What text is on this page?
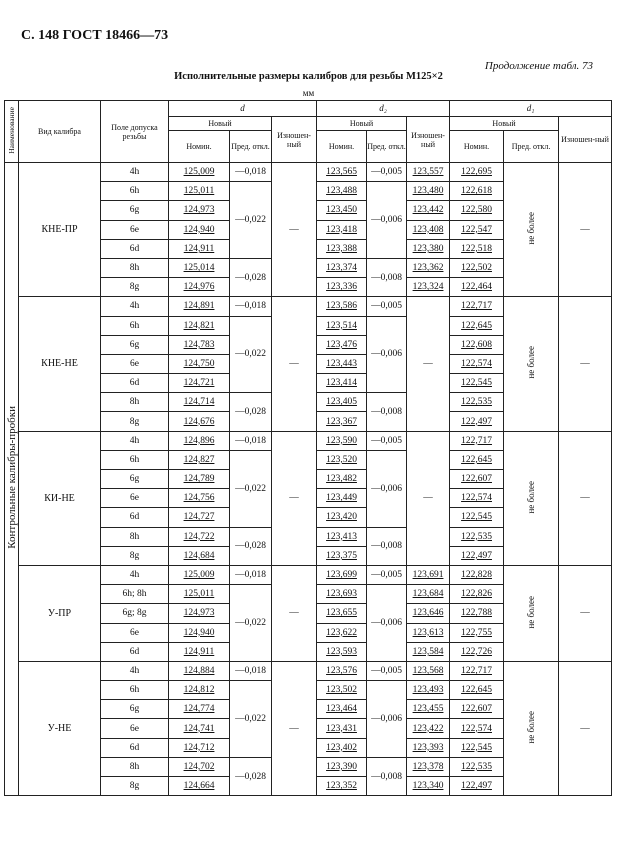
С. 148 ГОСТ 18466—73
Продолжение табл. 73
Исполнительные размеры калибров для резьбы М125×2
мм
Наименование	Вид калибра	Поле допуска резьбы	d			d₂			d₁		
			Новый		Изношен-ный	Новый		Изношен-ный	Новый		Изношен-ный
			Номин.	Пред. откл.		Номин.	Пред. откл.		Номин.	Пред. откл.	
Контрольные калибры-пробки	КНЕ-ПР	4h	125,009	—0,018	—	123,565	—0,005	123,557	122,695	не более	—
		6h	125,011	—0,022		123,488	—0,006	123,480	122,618		
		6g	124,973			123,450		123,442	122,580		
		6e	124,940			123,418		123,408	122,547		
		6d	124,911			123,388		123,380	122,518		
		8h	125,014	—0,028		123,374	—0,008	123,362	122,502		
		8g	124,976			123,336		123,324	122,464		
	КНЕ-НЕ	4h	124,891	—0,018	—	123,586	—0,005	—	122,717	не более	—
		6h	124,821	—0,022		123,514	—0,006		122,645		
		6g	124,783			123,476			122,608		
		6e	124,750			123,443			122,574		
		6d	124,721			123,414			122,545		
		8h	124,714	—0,028		123,405	—0,008		122,535		
		8g	124,676			123,367			122,497		
	КИ-НЕ	4h	124,896	—0,018	—	123,590	—0,005	—	122,717	не более	—
		6h	124,827	—0,022		123,520	—0,006		122,645		
		6g	124,789			123,482			122,607		
		6e	124,756			123,449			122,574		
		6d	124,727			123,420			122,545		
		8h	124,722	—0,028		123,413	—0,008		122,535		
		8g	124,684			123,375			122,497		
	У-ПР	4h	125,009	—0,018	—	123,699	—0,005	123,691	122,828	не более	—
		6h; 8h	125,011	—0,022		123,693	—0,006	123,684	122,826		
		6g; 8g	124,973			123,655		123,646	122,788		
		6e	124,940			123,622		123,613	122,755		
		6d	124,911			123,593		123,584	122,726		
	У-НЕ	4h	124,884	—0,018	—	123,576	—0,005	123,568	122,717	не более	—
		6h	124,812	—0,022		123,502	—0,006	123,493	122,645		
		6g	124,774			123,464		123,455	122,607		
		6e	124,741			123,431		123,422	122,574		
		6d	124,712			123,402		123,393	122,545		
		8h	124,702	—0,028		123,390	—0,008	123,378	122,535		
		8g	124,664			123,352		123,340	122,497		
